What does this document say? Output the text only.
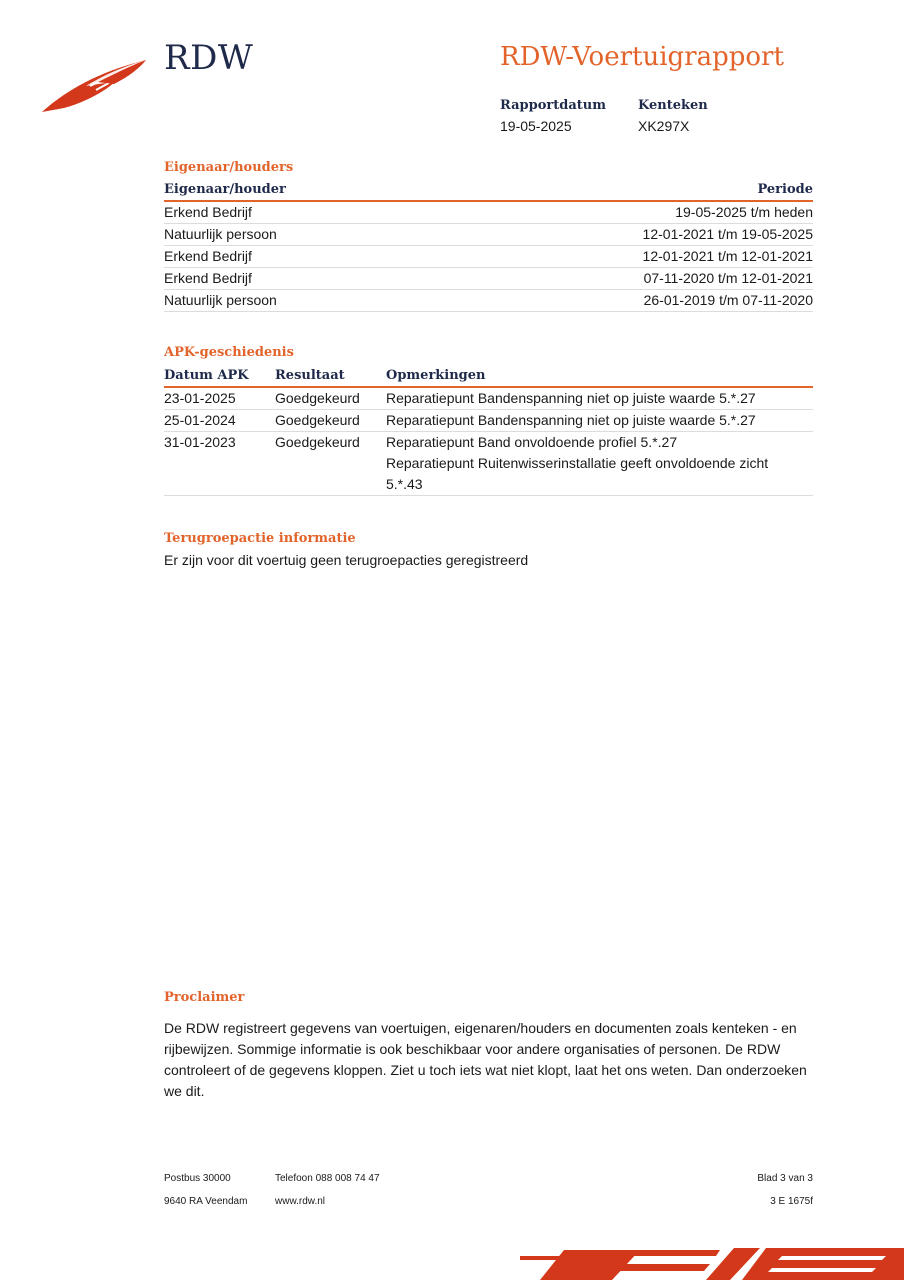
RDW	RDW-Voertuigrapport
Rapportdatum
19-05-2025
Kenteken
XK297X
Eigenaar/houders
Eigenaar/houder	Periode
Erkend Bedrijf	19-05-2025 t/m heden
Natuurlijk persoon	12-01-2021 t/m 19-05-2025
Erkend Bedrijf	12-01-2021 t/m 12-01-2021
Erkend Bedrijf	07-11-2020 t/m 12-01-2021
Natuurlijk persoon	26-01-2019 t/m 07-11-2020
APK-geschiedenis
Datum APK	Resultaat	Opmerkingen
23-01-2025	Goedgekeurd	Reparatiepunt Bandenspanning niet op juiste waarde 5.*.27
25-01-2024	Goedgekeurd	Reparatiepunt Bandenspanning niet op juiste waarde 5.*.27
31-01-2023	Goedgekeurd	Reparatiepunt Band onvoldoende profiel 5.*.27
Reparatiepunt Ruitenwisserinstallatie geeft onvoldoende zicht
5.*.43
Terugroepactie informatie
Er zijn voor dit voertuig geen terugroepacties geregistreerd
Proclaimer
De RDW registreert gegevens van voertuigen, eigenaren/houders en documenten zoals kenteken - en rijbewijzen. Sommige informatie is ook beschikbaar voor andere organisaties of personen. De RDW controleert of de gegevens kloppen. Ziet u toch iets wat niet klopt, laat het ons weten. Dan onderzoeken we dit.
Postbus 30000
9640 RA Veendam
Telefoon 088 008 74 47
www.rdw.nl
Blad 3 van 3
3 E 1675f
